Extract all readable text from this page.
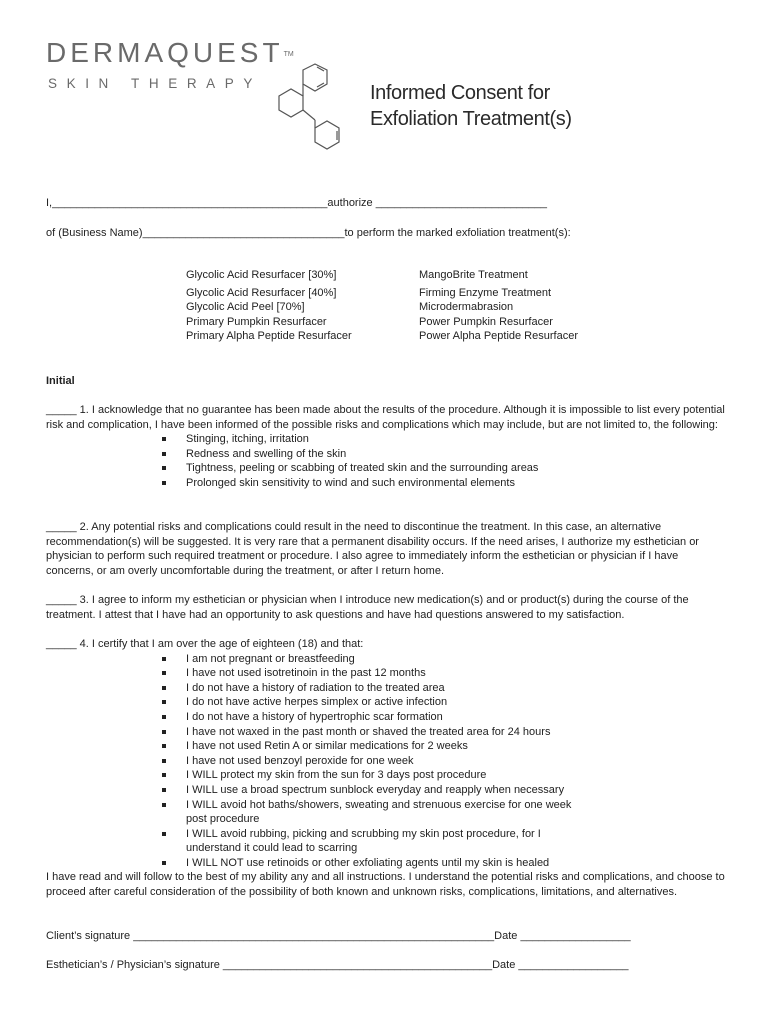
DERMAQUEST™
SKIN THERAPY	Informed Consent for
Exfoliation Treatment(s)
I,_____________________________________________authorize ____________________________
of (Business Name)_________________________________to perform the marked exfoliation treatment(s):
Glycolic Acid Resurfacer [30%]
Glycolic Acid Resurfacer [40%]
Glycolic Acid Peel [70%]
Primary Pumpkin Resurfacer
Primary Alpha Peptide Resurfacer
MangoBrite Treatment
Firming Enzyme Treatment
Microdermabrasion
Power Pumpkin Resurfacer
Power Alpha Peptide Resurfacer
Initial

_____ 1. I acknowledge that no guarantee has been made about the results of the procedure. Although it is impossible to list every potential risk and complication, I have been informed of the possible risks and complications which may include, but are not limited to, the following:

Stinging, itching, irritation
Redness and swelling of the skin
Tightness, peeling or scabbing of treated skin and the surrounding areas
Prolonged skin sensitivity to wind and such environmental elements

_____ 2. Any potential risks and complications could result in the need to discontinue the treatment. In this case, an alternative recommendation(s) will be suggested. It is very rare that a permanent disability occurs. If the need arises, I authorize my esthetician or physician to perform such required treatment or procedure. I also agree to immediately inform the esthetician or physician if I have concerns, or am overly uncomfortable during the treatment, or after I return home.

_____ 3. I agree to inform my esthetician or physician when I introduce new medication(s) and or product(s) during the course of the treatment. I attest that I have had an opportunity to ask questions and have had questions answered to my satisfaction.

_____ 4. I certify that I am over the age of eighteen (18) and that:

I am not pregnant or breastfeeding
I have not used isotretinoin in the past 12 months
I do not have a history of radiation to the treated area
I do not have active herpes simplex or active infection
I do not have a history of hypertrophic scar formation
I have not waxed in the past month or shaved the treated area for 24 hours
I have not used Retin A or similar medications for 2 weeks
I have not used benzoyl peroxide for one week
I WILL protect my skin from the sun for 3 days post procedure
I WILL use a broad spectrum sunblock everyday and reapply when necessary
I WILL avoid hot baths/showers, sweating and strenuous exercise for one week post procedure
I WILL avoid rubbing, picking and scrubbing my skin post procedure, for I understand it could lead to scarring
I WILL NOT use retinoids or other exfoliating agents until my skin is healed

I have read and will follow to the best of my ability any and all instructions. I understand the potential risks and complications, and choose to proceed after careful consideration of the possibility of both known and unknown risks, complications, limitations, and alternatives.

Client’s signature ___________________________________________________________Date __________________
Esthetician’s / Physician’s signature ____________________________________________Date __________________
